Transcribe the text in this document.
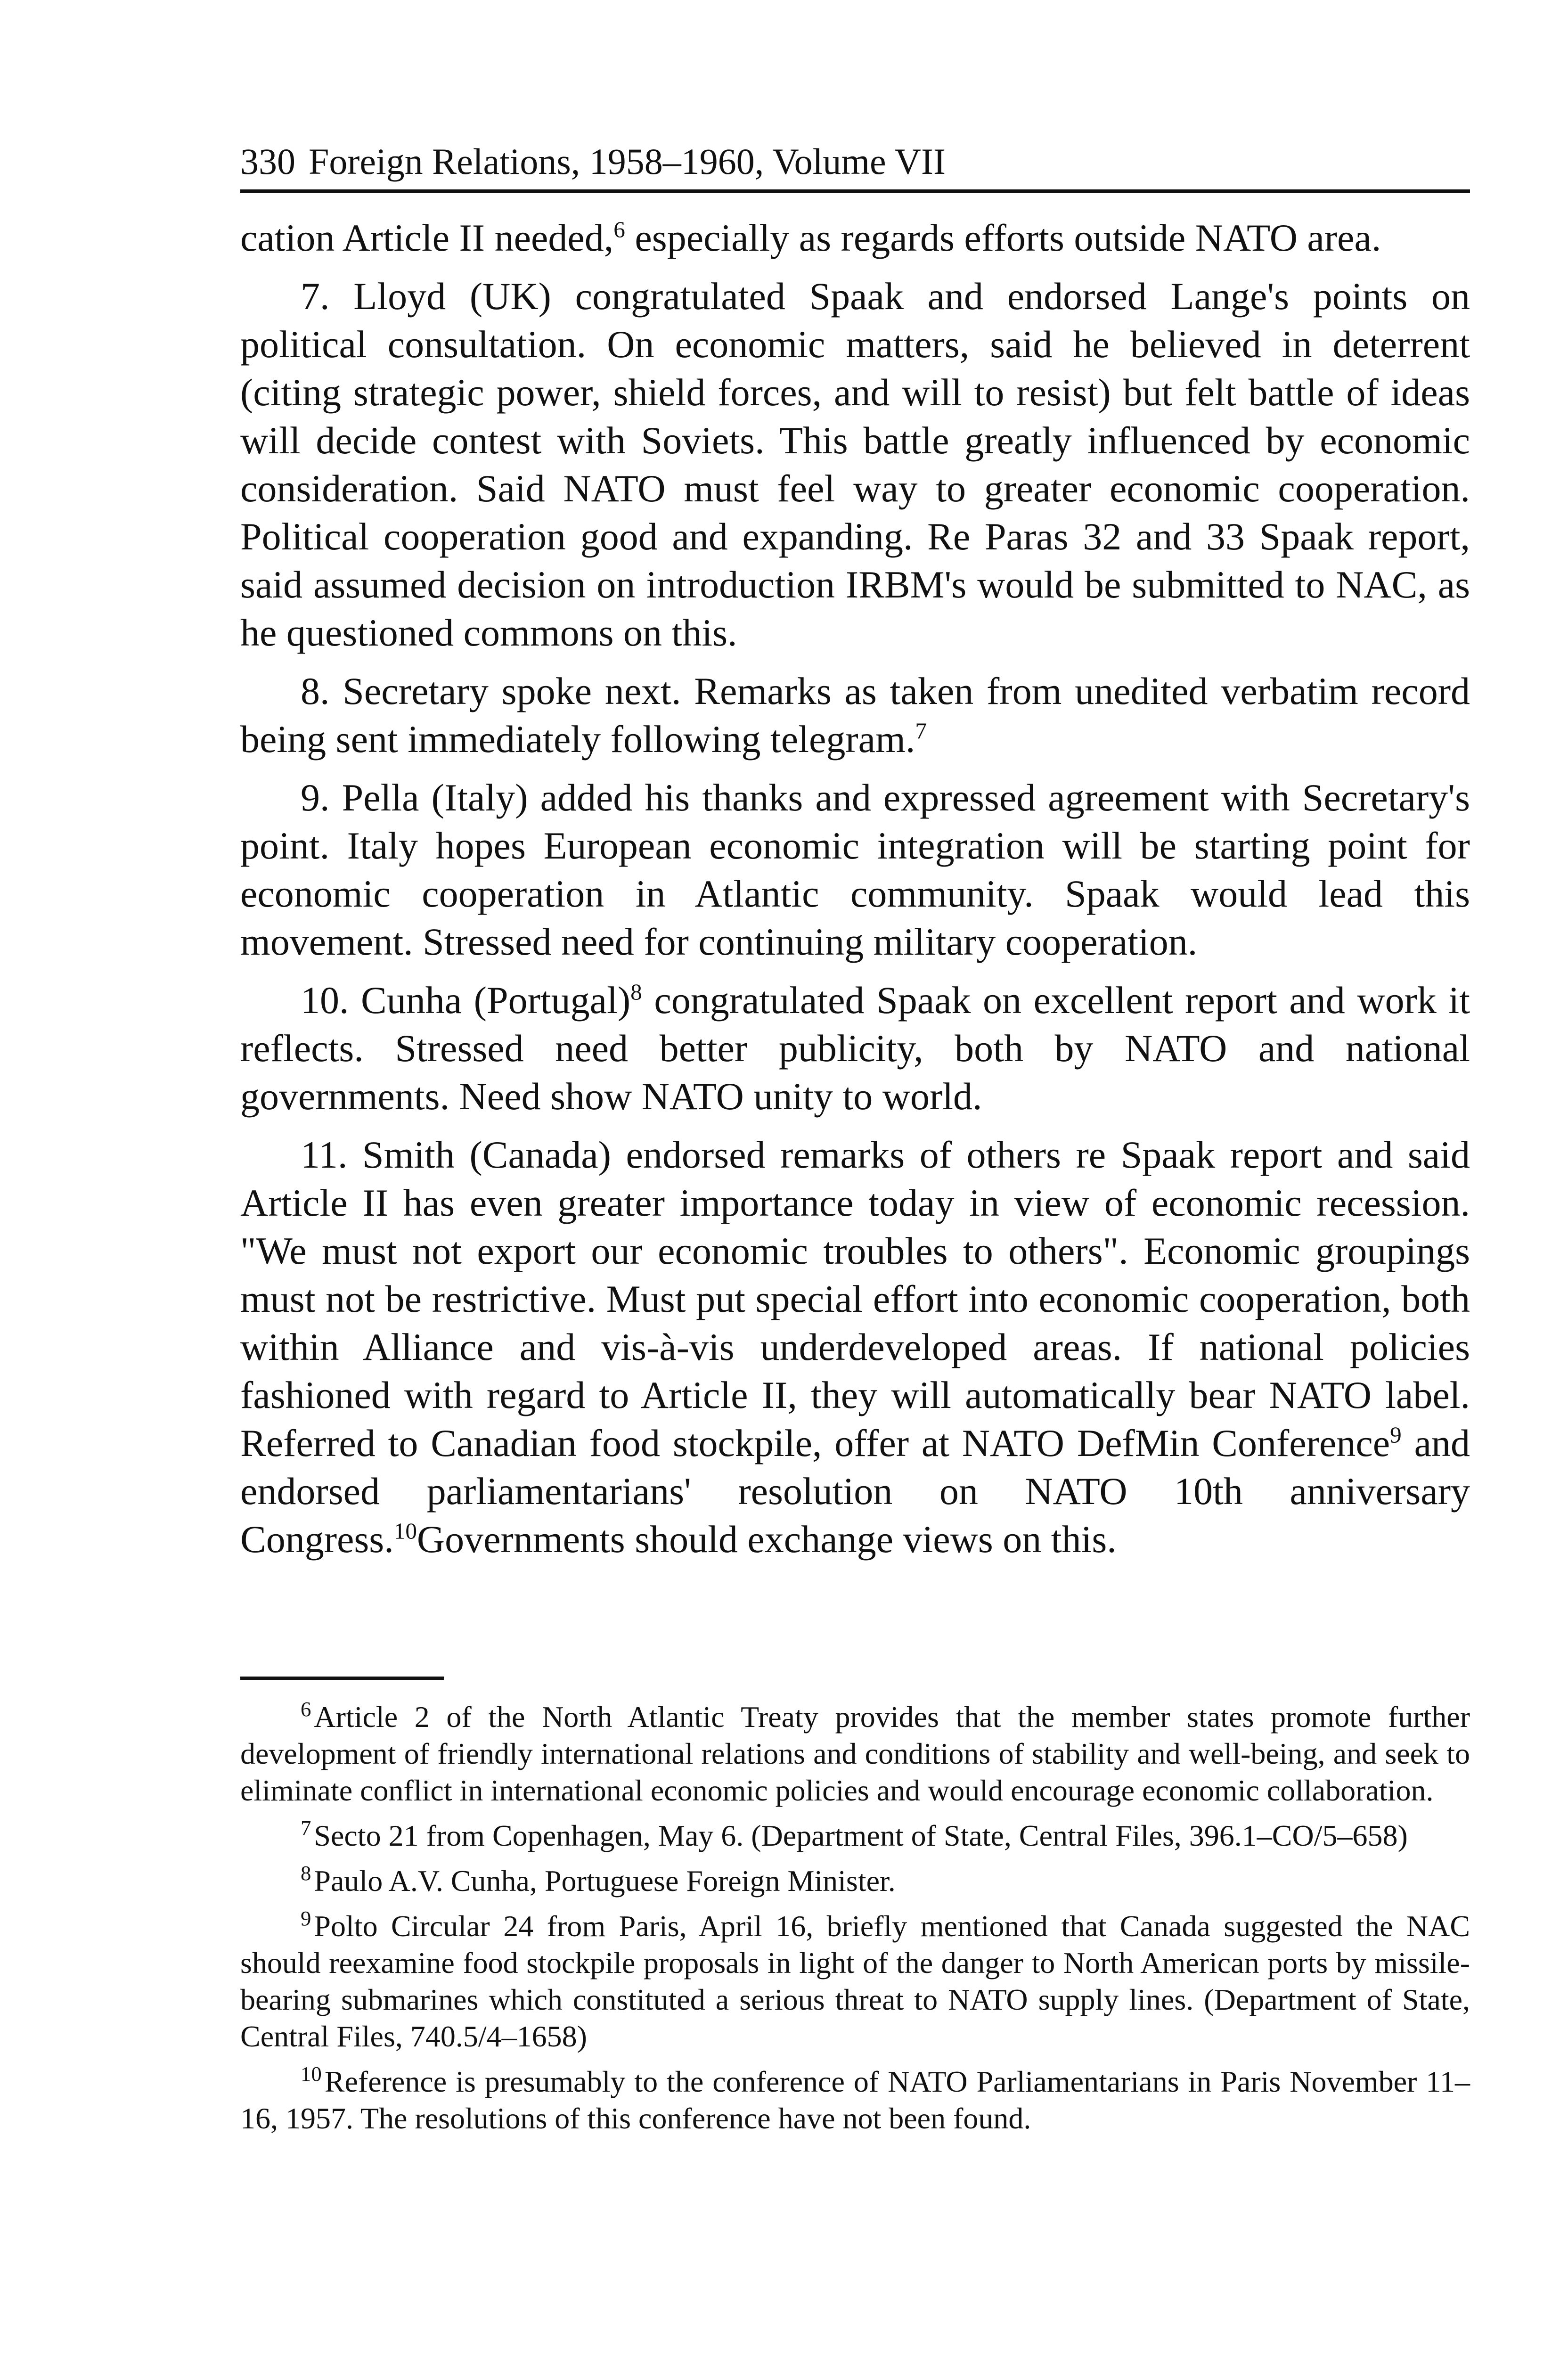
330 Foreign Relations, 1958–1960, Volume VII

cation Article II needed,$^6$ especially as regards efforts outside NATO area.

7. Lloyd (UK) congratulated Spaak and endorsed Lange's points on political consultation. On economic matters, said he believed in deterrent (citing strategic power, shield forces, and will to resist) but felt battle of ideas will decide contest with Soviets. This battle greatly influenced by economic consideration. Said NATO must feel way to greater economic cooperation. Political cooperation good and expanding. Re Paras 32 and 33 Spaak report, said assumed decision on introduction IRBM's would be submitted to NAC, as he questioned commons on this.

8. Secretary spoke next. Remarks as taken from unedited verbatim record being sent immediately following telegram.$^7$

9. Pella (Italy) added his thanks and expressed agreement with Secretary's point. Italy hopes European economic integration will be starting point for economic cooperation in Atlantic community. Spaak would lead this movement. Stressed need for continuing military cooperation.

10. Cunha (Portugal)$^8$ congratulated Spaak on excellent report and work it reflects. Stressed need better publicity, both by NATO and national governments. Need show NATO unity to world.

11. Smith (Canada) endorsed remarks of others re Spaak report and said Article II has even greater importance today in view of economic recession. "We must not export our economic troubles to others". Economic groupings must not be restrictive. Must put special effort into economic cooperation, both within Alliance and vis-à-vis underdeveloped areas. If national policies fashioned with regard to Article II, they will automatically bear NATO label. Referred to Canadian food stockpile, offer at NATO DefMin Conference$^9$ and endorsed parliamentarians' resolution on NATO 10th anniversary Congress.$^{10}$Governments should exchange views on this.

$^6$Article 2 of the North Atlantic Treaty provides that the member states promote further development of friendly international relations and conditions of stability and well-being, and seek to eliminate conflict in international economic policies and would encourage economic collaboration.

$^7$Secto 21 from Copenhagen, May 6. (Department of State, Central Files, 396.1–CO/5–658)

$^8$Paulo A.V. Cunha, Portuguese Foreign Minister.

$^9$Polto Circular 24 from Paris, April 16, briefly mentioned that Canada suggested the NAC should reexamine food stockpile proposals in light of the danger to North American ports by missile-bearing submarines which constituted a serious threat to NATO supply lines. (Department of State, Central Files, 740.5/4–1658)

$^{10}$Reference is presumably to the conference of NATO Parliamentarians in Paris November 11–16, 1957. The resolutions of this conference have not been found.
